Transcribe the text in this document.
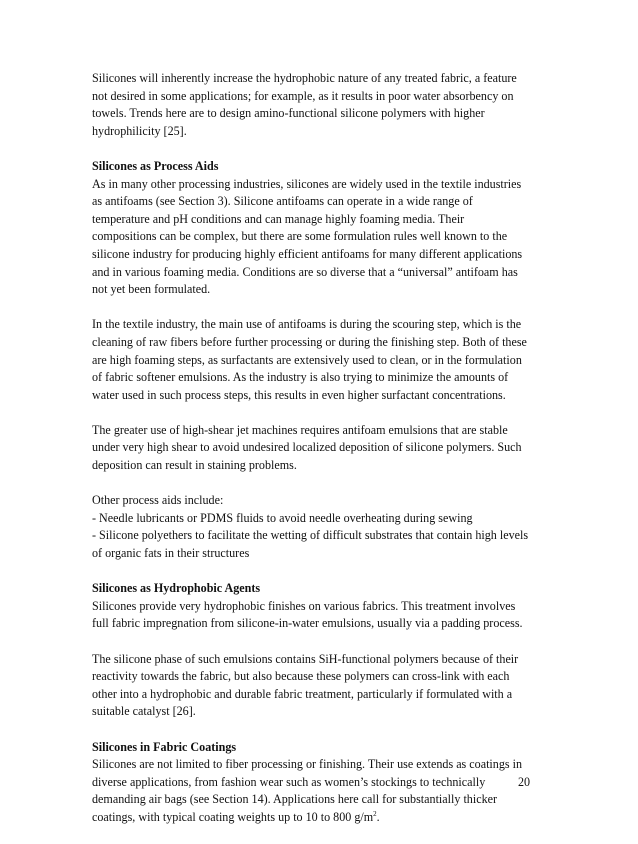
Silicones will inherently increase the hydrophobic nature of any treated fabric, a feature
not desired in some applications; for example, as it results in poor water absorbency on
towels. Trends here are to design amino-functional silicone polymers with higher
hydrophilicity [25].

Silicones as Process Aids
As in many other processing industries, silicones are widely used in the textile industries
as antifoams (see Section 3). Silicone antifoams can operate in a wide range of
temperature and pH conditions and can manage highly foaming media. Their
compositions can be complex, but there are some formulation rules well known to the
silicone industry for producing highly efficient antifoams for many different applications
and in various foaming media. Conditions are so diverse that a “universal” antifoam has
not yet been formulated.

In the textile industry, the main use of antifoams is during the scouring step, which is the
cleaning of raw fibers before further processing or during the finishing step. Both of these
are high foaming steps, as surfactants are extensively used to clean, or in the formulation
of fabric softener emulsions. As the industry is also trying to minimize the amounts of
water used in such process steps, this results in even higher surfactant concentrations.

The greater use of high-shear jet machines requires antifoam emulsions that are stable
under very high shear to avoid undesired localized deposition of silicone polymers. Such
deposition can result in staining problems.

Other process aids include:
- Needle lubricants or PDMS fluids to avoid needle overheating during sewing
- Silicone polyethers to facilitate the wetting of difficult substrates that contain high levels
of organic fats in their structures

Silicones as Hydrophobic Agents
Silicones provide very hydrophobic finishes on various fabrics. This treatment involves
full fabric impregnation from silicone-in-water emulsions, usually via a padding process.

The silicone phase of such emulsions contains SiH-functional polymers because of their
reactivity towards the fabric, but also because these polymers can cross-link with each
other into a hydrophobic and durable fabric treatment, particularly if formulated with a
suitable catalyst [26].

Silicones in Fabric Coatings
Silicones are not limited to fiber processing or finishing. Their use extends as coatings in
diverse applications, from fashion wear such as women’s stockings to technically
demanding air bags (see Section 14). Applications here call for substantially thicker
coatings, with typical coating weights up to 10 to 800 $g/m^2$.

20
